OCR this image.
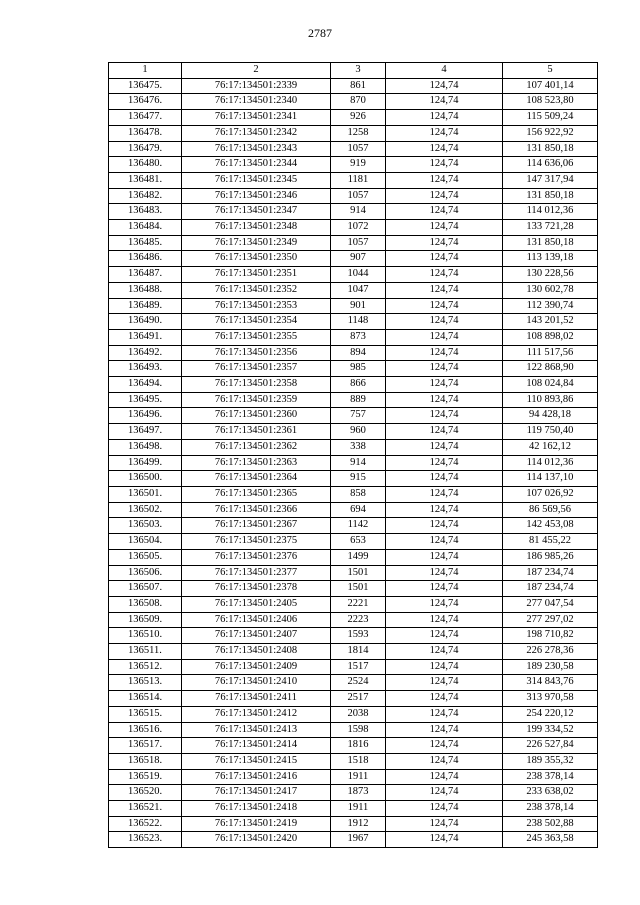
2787
1	2	3	4	5
136475.	76:17:134501:2339	861	124,74	107 401,14
136476.	76:17:134501:2340	870	124,74	108 523,80
136477.	76:17:134501:2341	926	124,74	115 509,24
136478.	76:17:134501:2342	1258	124,74	156 922,92
136479.	76:17:134501:2343	1057	124,74	131 850,18
136480.	76:17:134501:2344	919	124,74	114 636,06
136481.	76:17:134501:2345	1181	124,74	147 317,94
136482.	76:17:134501:2346	1057	124,74	131 850,18
136483.	76:17:134501:2347	914	124,74	114 012,36
136484.	76:17:134501:2348	1072	124,74	133 721,28
136485.	76:17:134501:2349	1057	124,74	131 850,18
136486.	76:17:134501:2350	907	124,74	113 139,18
136487.	76:17:134501:2351	1044	124,74	130 228,56
136488.	76:17:134501:2352	1047	124,74	130 602,78
136489.	76:17:134501:2353	901	124,74	112 390,74
136490.	76:17:134501:2354	1148	124,74	143 201,52
136491.	76:17:134501:2355	873	124,74	108 898,02
136492.	76:17:134501:2356	894	124,74	111 517,56
136493.	76:17:134501:2357	985	124,74	122 868,90
136494.	76:17:134501:2358	866	124,74	108 024,84
136495.	76:17:134501:2359	889	124,74	110 893,86
136496.	76:17:134501:2360	757	124,74	94 428,18
136497.	76:17:134501:2361	960	124,74	119 750,40
136498.	76:17:134501:2362	338	124,74	42 162,12
136499.	76:17:134501:2363	914	124,74	114 012,36
136500.	76:17:134501:2364	915	124,74	114 137,10
136501.	76:17:134501:2365	858	124,74	107 026,92
136502.	76:17:134501:2366	694	124,74	86 569,56
136503.	76:17:134501:2367	1142	124,74	142 453,08
136504.	76:17:134501:2375	653	124,74	81 455,22
136505.	76:17:134501:2376	1499	124,74	186 985,26
136506.	76:17:134501:2377	1501	124,74	187 234,74
136507.	76:17:134501:2378	1501	124,74	187 234,74
136508.	76:17:134501:2405	2221	124,74	277 047,54
136509.	76:17:134501:2406	2223	124,74	277 297,02
136510.	76:17:134501:2407	1593	124,74	198 710,82
136511.	76:17:134501:2408	1814	124,74	226 278,36
136512.	76:17:134501:2409	1517	124,74	189 230,58
136513.	76:17:134501:2410	2524	124,74	314 843,76
136514.	76:17:134501:2411	2517	124,74	313 970,58
136515.	76:17:134501:2412	2038	124,74	254 220,12
136516.	76:17:134501:2413	1598	124,74	199 334,52
136517.	76:17:134501:2414	1816	124,74	226 527,84
136518.	76:17:134501:2415	1518	124,74	189 355,32
136519.	76:17:134501:2416	1911	124,74	238 378,14
136520.	76:17:134501:2417	1873	124,74	233 638,02
136521.	76:17:134501:2418	1911	124,74	238 378,14
136522.	76:17:134501:2419	1912	124,74	238 502,88
136523.	76:17:134501:2420	1967	124,74	245 363,58
